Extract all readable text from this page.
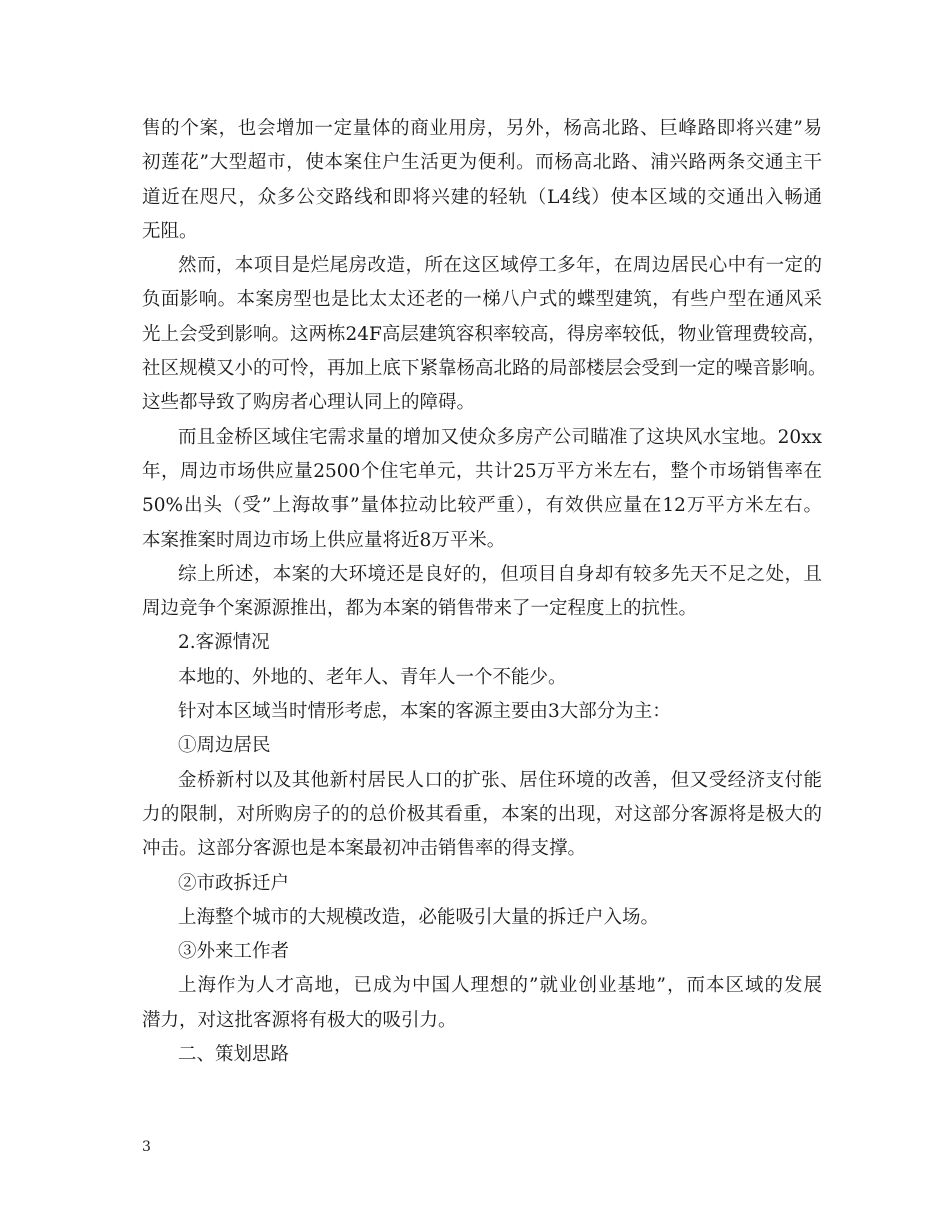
售的个案，也会增加一定量体的商业用房，另外，杨高北路、巨峰路即将兴建”易
初莲花”大型超市，使本案住户生活更为便利。而杨高北路、浦兴路两条交通主干
道近在咫尺，众多公交路线和即将兴建的轻轨（L4线）使本区域的交通出入畅通
无阻。
然而，本项目是烂尾房改造，所在这区域停工多年，在周边居民心中有一定的
负面影响。本案房型也是比太太还老的一梯八户式的蝶型建筑，有些户型在通风采
光上会受到影响。这两栋24F高层建筑容积率较高，得房率较低，物业管理费较高，
社区规模又小的可怜，再加上底下紧靠杨高北路的局部楼层会受到一定的噪音影响。
这些都导致了购房者心理认同上的障碍。
而且金桥区域住宅需求量的增加又使众多房产公司瞄准了这块风水宝地。20xx
年，周边市场供应量2500个住宅单元，共计25万平方米左右，整个市场销售率在
50%出头（受”上海故事”量体拉动比较严重），有效供应量在12万平方米左右。
本案推案时周边市场上供应量将近8万平米。
综上所述，本案的大环境还是良好的，但项目自身却有较多先天不足之处，且
周边竞争个案源源推出，都为本案的销售带来了一定程度上的抗性。
2.客源情况
本地的、外地的、老年人、青年人一个不能少。
针对本区域当时情形考虑，本案的客源主要由3大部分为主：
①周边居民
金桥新村以及其他新村居民人口的扩张、居住环境的改善，但又受经济支付能
力的限制，对所购房子的的总价极其看重，本案的出现，对这部分客源将是极大的
冲击。这部分客源也是本案最初冲击销售率的得支撑。
②市政拆迁户
上海整个城市的大规模改造，必能吸引大量的拆迁户入场。
③外来工作者
上海作为人才高地，已成为中国人理想的”就业创业基地”，而本区域的发展
潜力，对这批客源将有极大的吸引力。
二、策划思路
3
